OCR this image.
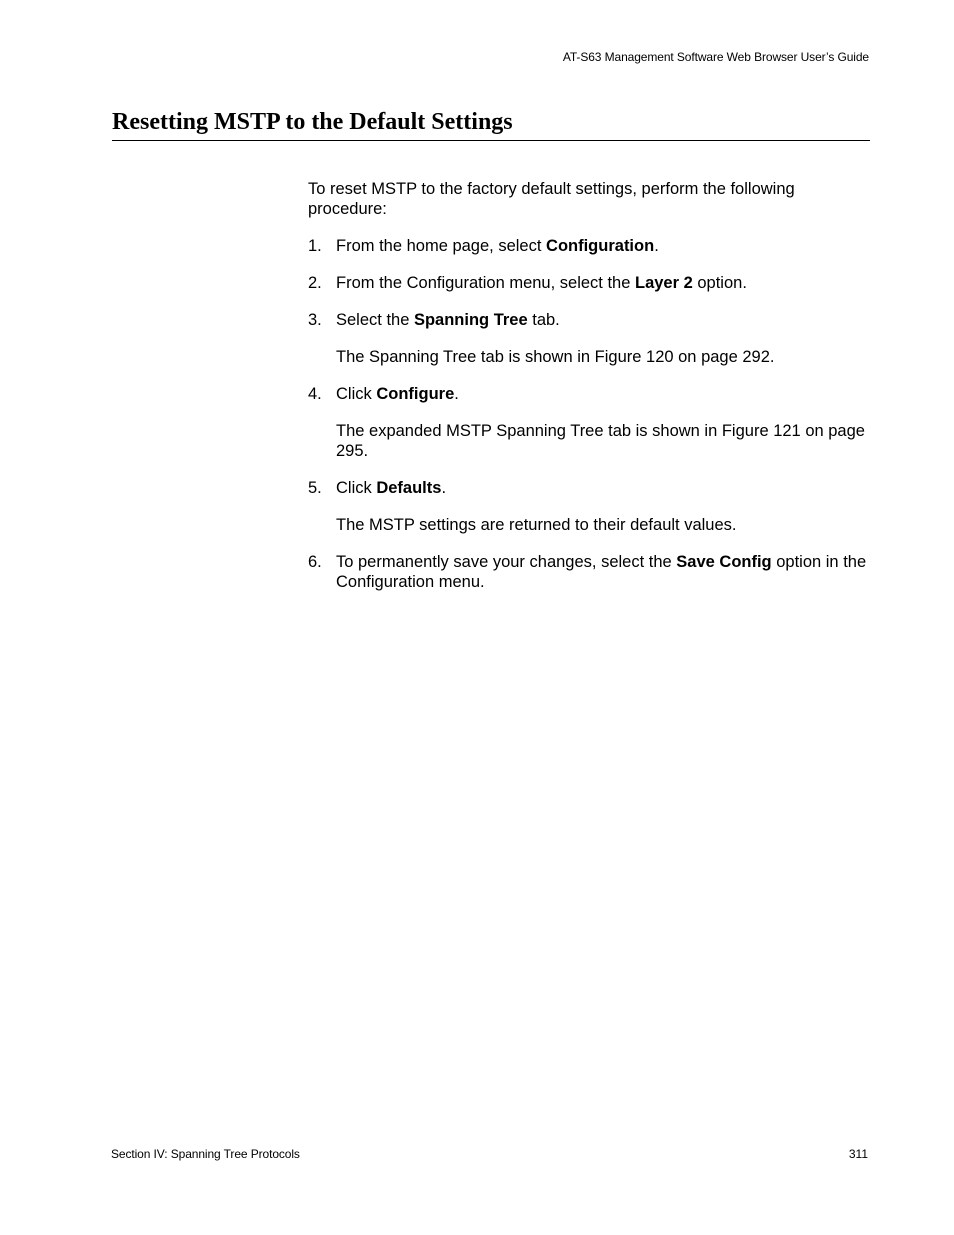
AT-S63 Management Software Web Browser User’s Guide
Resetting MSTP to the Default Settings

To reset MSTP to the factory default settings, perform the following procedure:

1. From the home page, select Configuration.

2. From the Configuration menu, select the Layer 2 option.

3. Select the Spanning Tree tab.

The Spanning Tree tab is shown in Figure 120 on page 292.

4. Click Configure.

The expanded MSTP Spanning Tree tab is shown in Figure 121 on page 295.

5. Click Defaults.

The MSTP settings are returned to their default values.

6. To permanently save your changes, select the Save Config option in the Configuration menu.

Section IV: Spanning Tree Protocols	311
